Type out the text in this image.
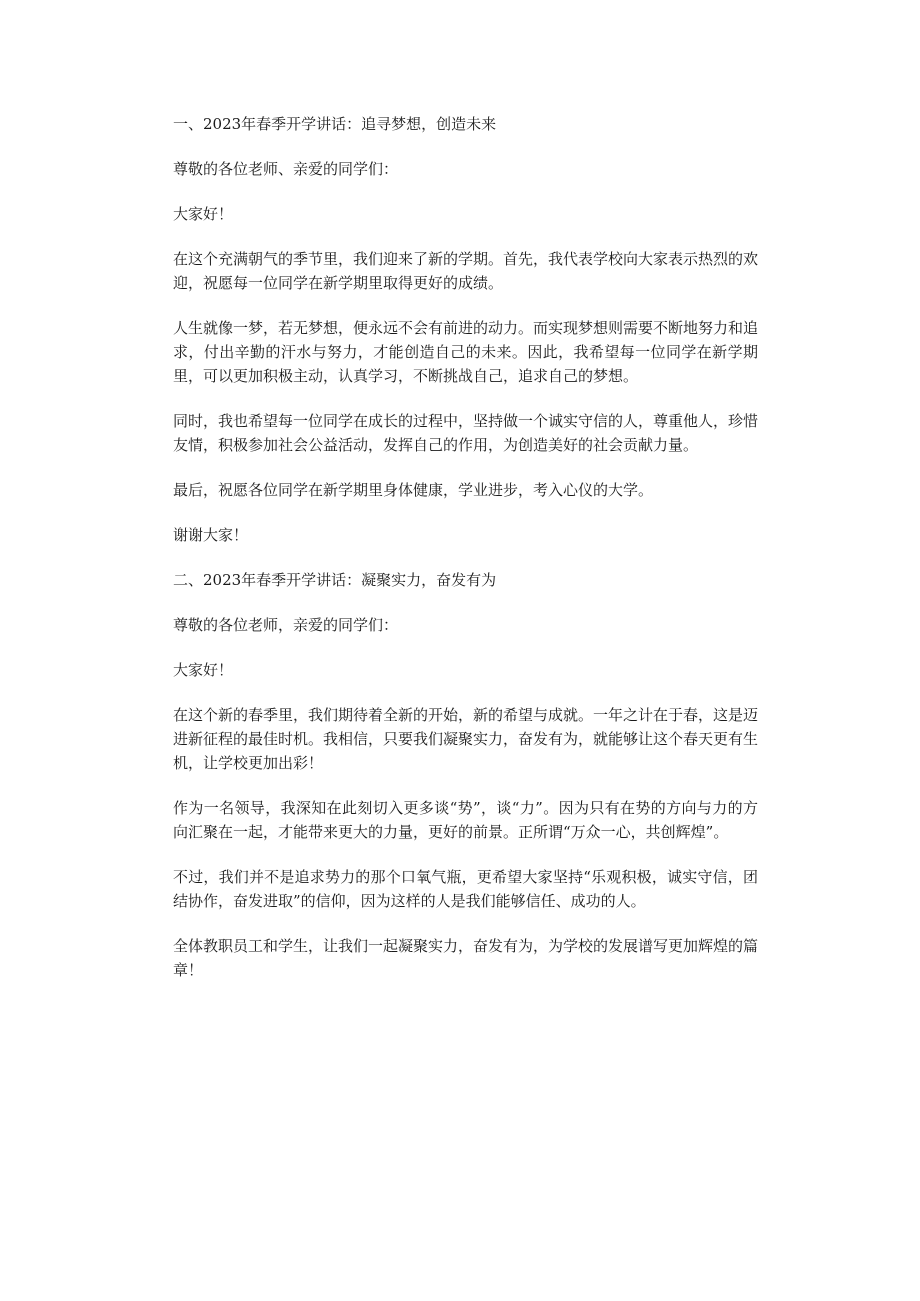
一、2023年春季开学讲话：追寻梦想，创造未来

尊敬的各位老师、亲爱的同学们：

大家好！

在这个充满朝气的季节里，我们迎来了新的学期。首先，我代表学校向大家表示热烈的欢迎，祝愿每一位同学在新学期里取得更好的成绩。

人生就像一梦，若无梦想，便永远不会有前进的动力。而实现梦想则需要不断地努力和追求，付出辛勤的汗水与努力，才能创造自己的未来。因此，我希望每一位同学在新学期里，可以更加积极主动，认真学习，不断挑战自己，追求自己的梦想。

同时，我也希望每一位同学在成长的过程中，坚持做一个诚实守信的人，尊重他人，珍惜友情，积极参加社会公益活动，发挥自己的作用，为创造美好的社会贡献力量。

最后，祝愿各位同学在新学期里身体健康，学业进步，考入心仪的大学。

谢谢大家！

二、2023年春季开学讲话：凝聚实力，奋发有为

尊敬的各位老师，亲爱的同学们：

大家好！

在这个新的春季里，我们期待着全新的开始，新的希望与成就。一年之计在于春，这是迈进新征程的最佳时机。我相信，只要我们凝聚实力，奋发有为，就能够让这个春天更有生机，让学校更加出彩！

作为一名领导，我深知在此刻切入更多谈“势”，谈“力”。因为只有在势的方向与力的方向汇聚在一起，才能带来更大的力量，更好的前景。正所谓“万众一心，共创辉煌”。

不过，我们并不是追求势力的那个口氧气瓶，更希望大家坚持“乐观积极，诚实守信，团结协作，奋发进取”的信仰，因为这样的人是我们能够信任、成功的人。

全体教职员工和学生，让我们一起凝聚实力，奋发有为，为学校的发展谱写更加辉煌的篇章！
